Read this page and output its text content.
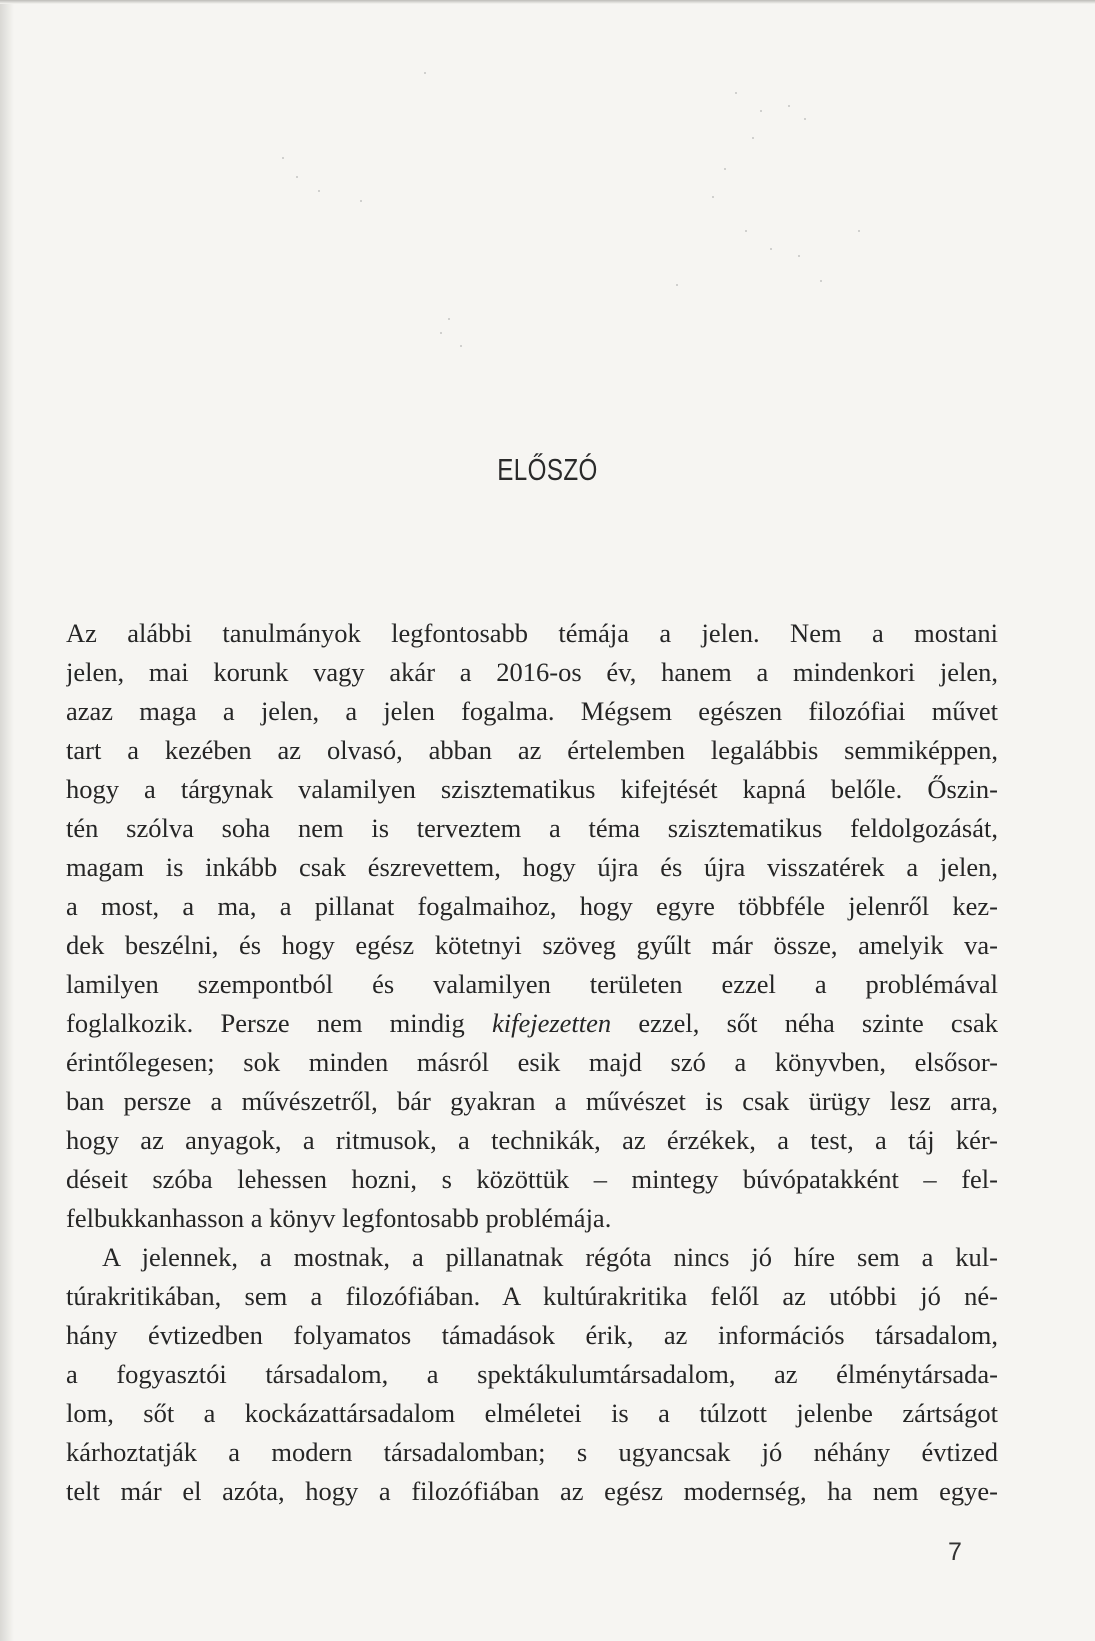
ELŐSZÓ
Az alábbi tanulmányok legfontosabb témája a jelen. Nem a mostani
jelen, mai korunk vagy akár a 2016-os év, hanem a mindenkori jelen,
azaz maga a jelen, a jelen fogalma. Mégsem egészen filozófiai művet
tart a kezében az olvasó, abban az értelemben legalábbis semmiképpen,
hogy a tárgynak valamilyen szisztematikus kifejtését kapná belőle. Őszin-
tén szólva soha nem is terveztem a téma szisztematikus feldolgozását,
magam is inkább csak észrevettem, hogy újra és újra visszatérek a jelen,
a most, a ma, a pillanat fogalmaihoz, hogy egyre többféle jelenről kez-
dek beszélni, és hogy egész kötetnyi szöveg gyűlt már össze, amelyik va-
lamilyen szempontból és valamilyen területen ezzel a problémával
foglalkozik. Persze nem mindig kifejezetten ezzel, sőt néha szinte csak
érintőlegesen; sok minden másról esik majd szó a könyvben, elsősor-
ban persze a művészetről, bár gyakran a művészet is csak ürügy lesz arra,
hogy az anyagok, a ritmusok, a technikák, az érzékek, a test, a táj kér-
déseit szóba lehessen hozni, s közöttük – mintegy búvópatakként – fel-
felbukkanhasson a könyv legfontosabb problémája.
A jelennek, a mostnak, a pillanatnak régóta nincs jó híre sem a kul-
túrakritikában, sem a filozófiában. A kultúrakritika felől az utóbbi jó né-
hány évtizedben folyamatos támadások érik, az információs társadalom,
a fogyasztói társadalom, a spektákulumtársadalom, az élménytársada-
lom, sőt a kockázattársadalom elméletei is a túlzott jelenbe zártságot
kárhoztatják a modern társadalomban; s ugyancsak jó néhány évtized
telt már el azóta, hogy a filozófiában az egész modernség, ha nem egye-
7
